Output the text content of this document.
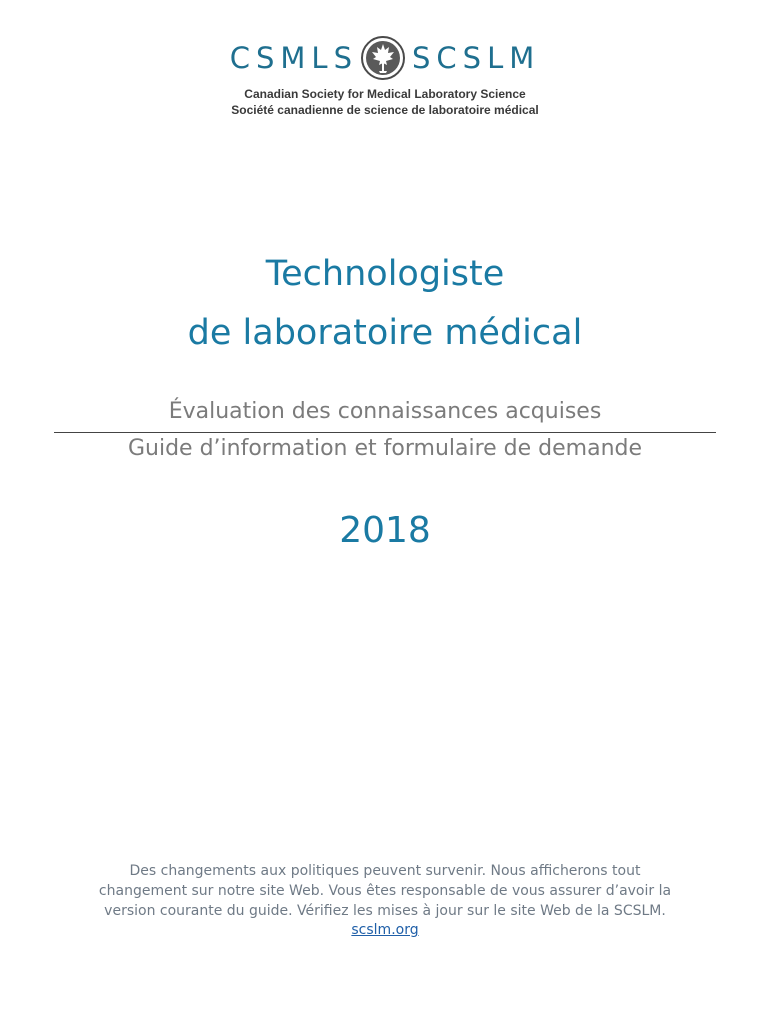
CSMLS SCSLM
Canadian Society for Medical Laboratory Science
Société canadienne de science de laboratoire médical
Technologiste
de laboratoire médical
Évaluation des connaissances acquises
Guide d’information et formulaire de demande
2018
Des changements aux politiques peuvent survenir. Nous afficherons tout
changement sur notre site Web. Vous êtes responsable de vous assurer d’avoir la
version courante du guide. Vérifiez les mises à jour sur le site Web de la SCSLM.
scslm.org
